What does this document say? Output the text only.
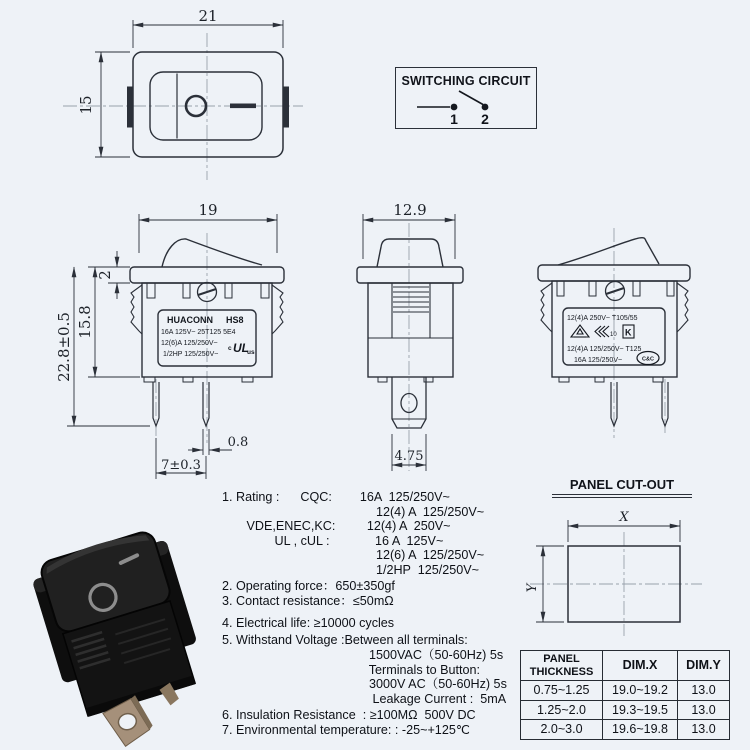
21
15
SWITCHING CIRCUIT
1 2
19
HUACONN HS8
16A 125V~ 25T125 5E4
12(6)A 125/250V~
1/2HP 125/250V~
c UL
us
2
15.8
22.8±0.5
0.8
7±0.3
12.9
4.75
12(4)A 250V~ T105/55
10 K
12(4)A 125/250V~ T125
16A 125/250V~	C&C
1. Rating :      CQC:        16A  125/250V~
12(4) A  125/250V~
VDE,ENEC,KC:         12(4) A  250V~
UL , cUL :             16 A  125V~
12(6) A  125/250V~
1/2HP  125/250V~
2. Operating force：650±350gf
3. Contact resistance：≤50mΩ
4. Electrical life: ≥10000 cycles
5. Withstand Voltage :Between all terminals:
1500VAC（50-60Hz) 5s
Terminals to Button:
3000V AC（50-60Hz) 5s
Leakage Current :  5mA
6. Insulation Resistance  : ≥100MΩ  500V DC
7. Environmental temperature: : -25~+125℃
PANEL CUT-OUT
X
Y
PANEL THICKNESS	DIM.X	DIM.Y
0.75~1.25	19.0~19.2	13.0
1.25~2.0	19.3~19.5	13.0
2.0~3.0	19.6~19.8	13.0
